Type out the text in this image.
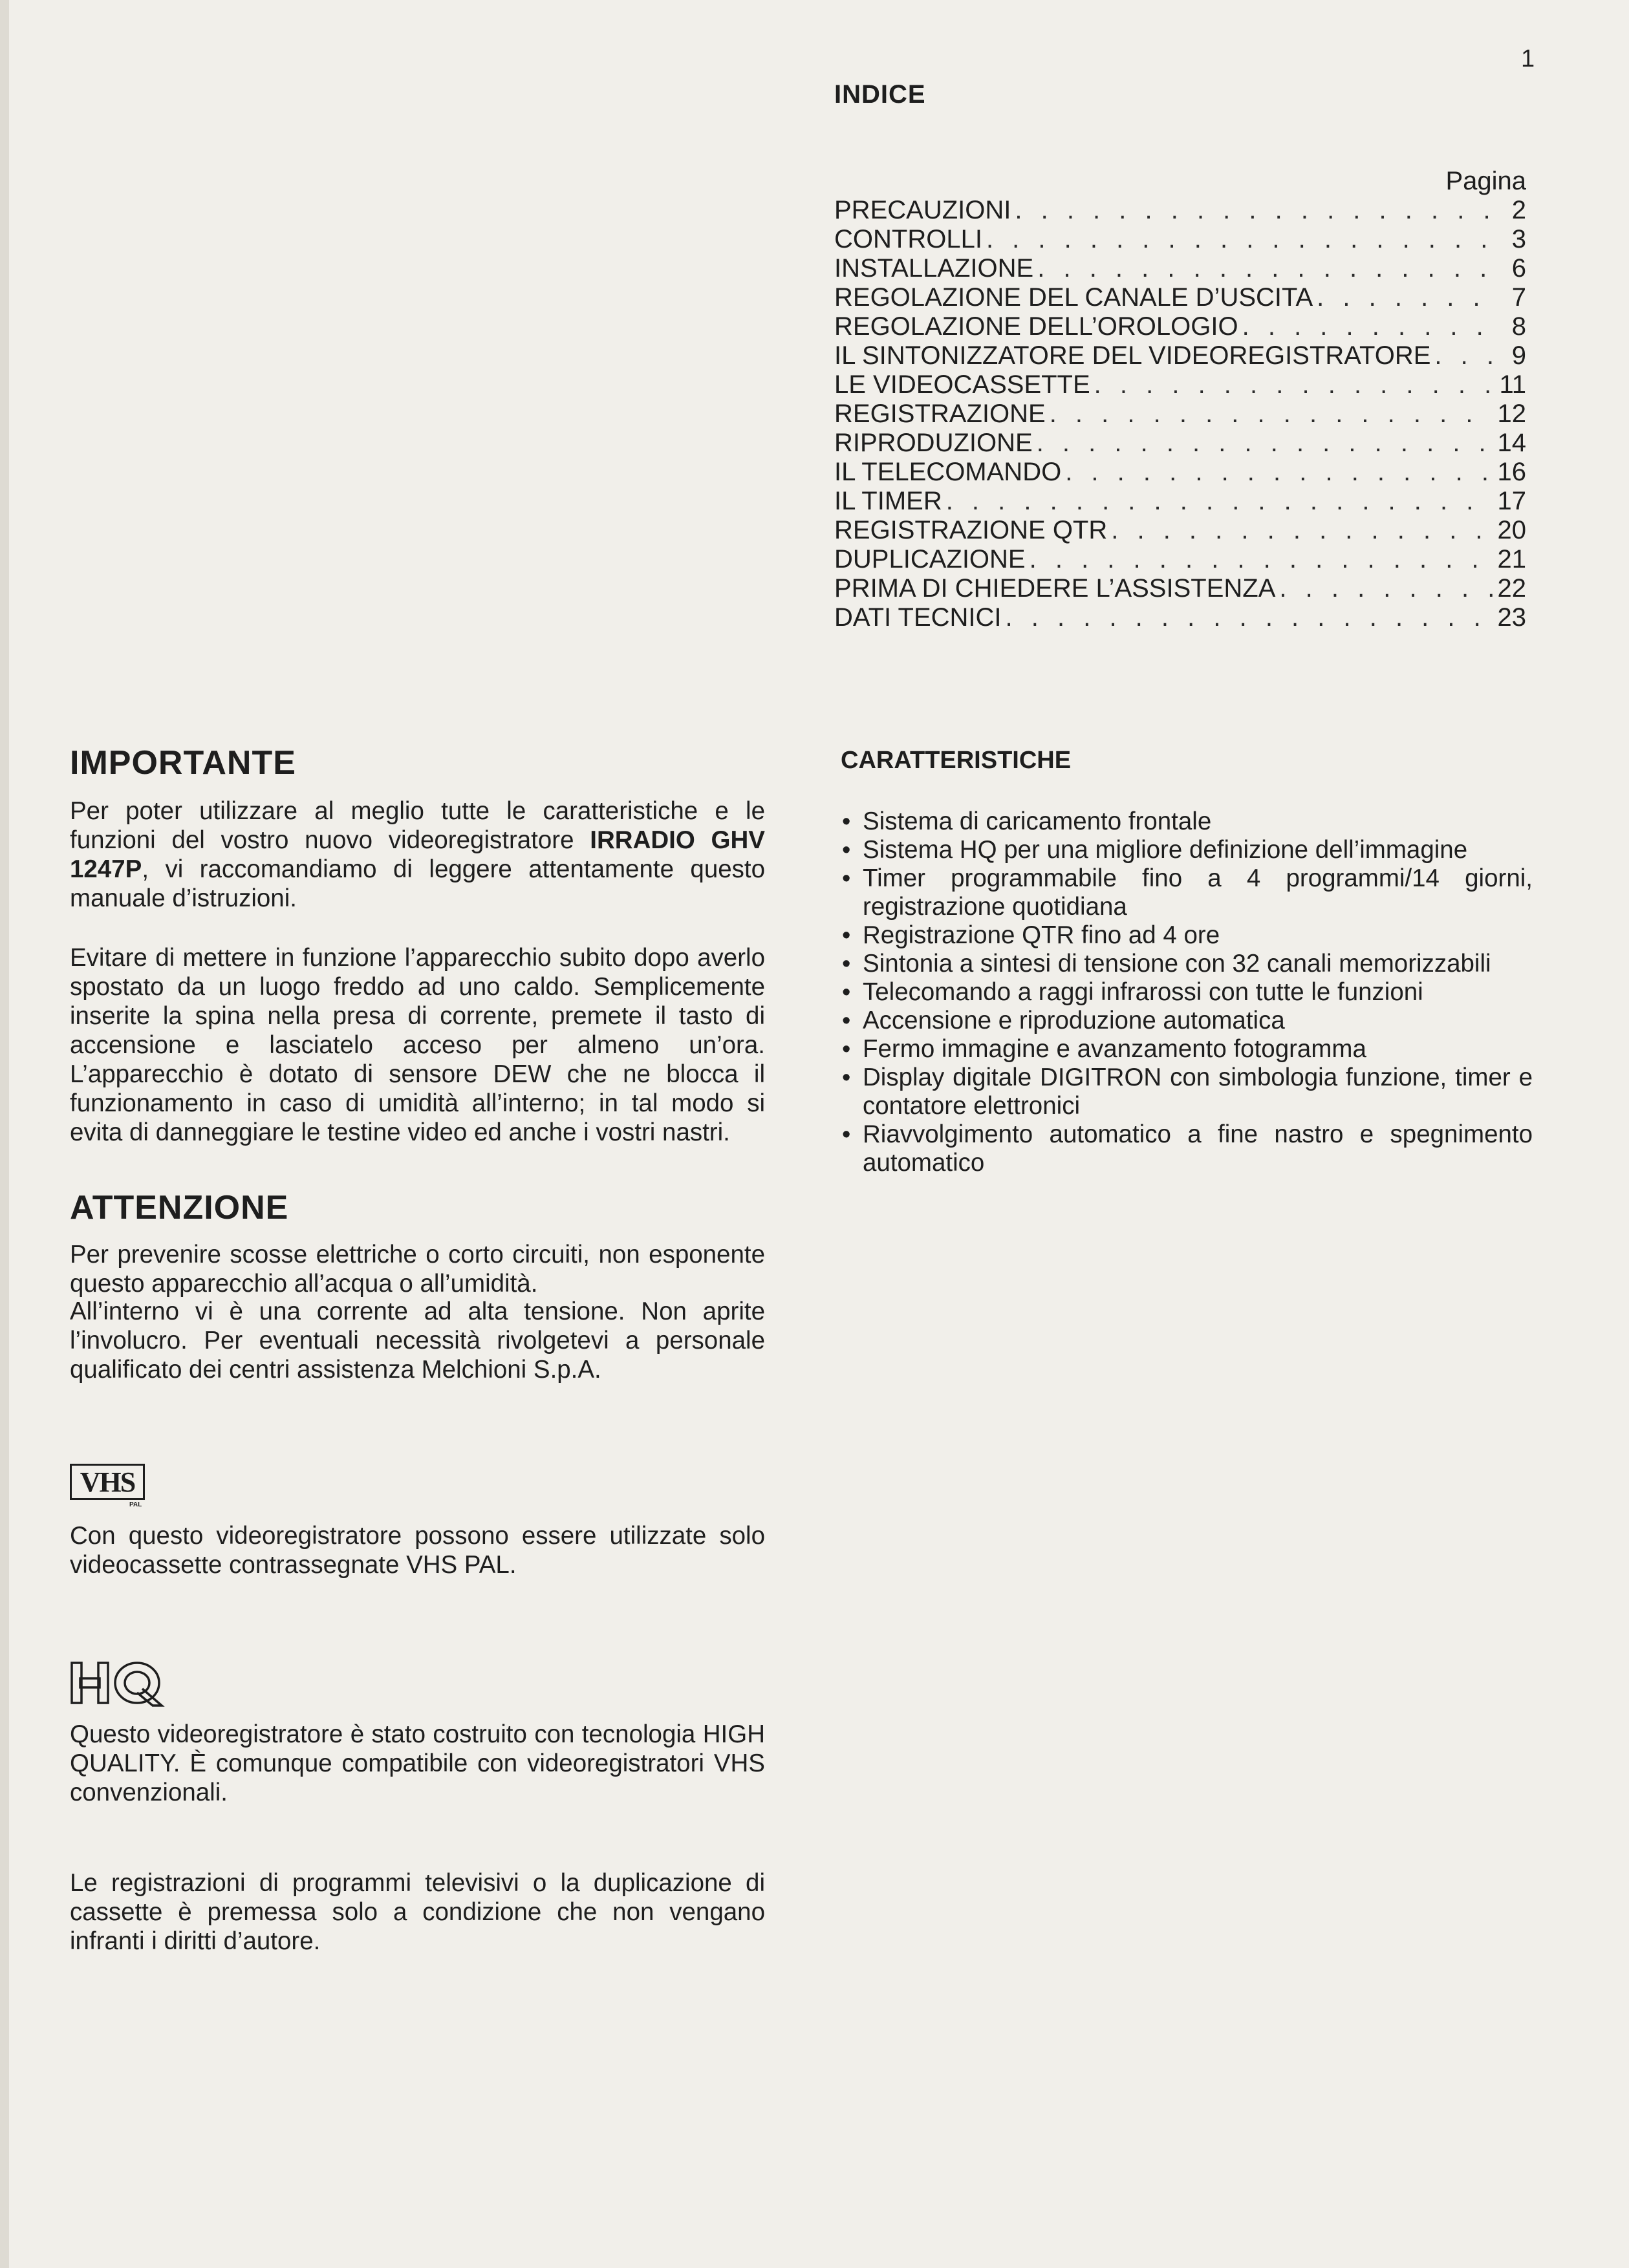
1
INDICE
Pagina
PRECAUZIONI . . .	2
CONTROLLI . . .	3
INSTALLAZIONE . . .	6
REGOLAZIONE DEL CANALE D’USCITA . . .	7
REGOLAZIONE DELL’OROLOGIO . . .	8
IL SINTONIZZATORE DEL VIDEOREGISTRATORE . . .	9
LE VIDEOCASSETTE . . .	11
REGISTRAZIONE . . .	12
RIPRODUZIONE . . .	14
IL TELECOMANDO . . .	16
IL TIMER . . .	17
REGISTRAZIONE QTR . . .	20
DUPLICAZIONE . . .	21
PRIMA DI CHIEDERE L’ASSISTENZA . . .	22
DATI TECNICI . . .	23
IMPORTANTE

Per poter utilizzare al meglio tutte le caratteristiche e le funzioni del vostro nuovo videoregistratore IRRADIO GHV 1247P, vi raccomandiamo di leggere attentamente questo manuale d’istruzioni.

Evitare di mettere in funzione l’apparecchio subito dopo averlo spostato da un luogo freddo ad uno caldo. Semplicemente inserite la spina nella presa di corrente, premete il tasto di accensione e lasciatelo acceso per almeno un’ora. L’apparecchio è dotato di sensore DEW che ne blocca il funzionamento in caso di umidità all’interno; in tal modo si evita di danneggiare le testine video ed anche i vostri nastri.

ATTENZIONE

Per prevenire scosse elettriche o corto circuiti, non esponente questo apparecchio all’acqua o all’umidità.

All’interno vi è una corrente ad alta tensione. Non aprite l’involucro. Per eventuali necessità rivolgetevi a personale qualificato dei centri assistenza Melchioni S.p.A.

VHS
PAL

Con questo videoregistratore possono essere utilizzate solo videocassette contrassegnate VHS PAL.

Questo videoregistratore è stato costruito con tecnologia HIGH QUALITY. È comunque compatibile con videoregistratori VHS convenzionali.

Le registrazioni di programmi televisivi o la duplicazione di cassette è premessa solo a condizione che non vengano infranti i diritti d’autore.

CARATTERISTICHE
• Sistema di caricamento frontale
• Sistema HQ per una migliore definizione dell’immagine
• Timer programmabile fino a 4 programmi/14 giorni, registrazione quotidiana
• Registrazione QTR fino ad 4 ore
• Sintonia a sintesi di tensione con 32 canali memorizzabili
• Telecomando a raggi infrarossi con tutte le funzioni
• Accensione e riproduzione automatica
• Fermo immagine e avanzamento fotogramma
• Display digitale DIGITRON con simbologia funzione, timer e contatore elettronici
• Riavvolgimento automatico a fine nastro e spegnimento automatico
